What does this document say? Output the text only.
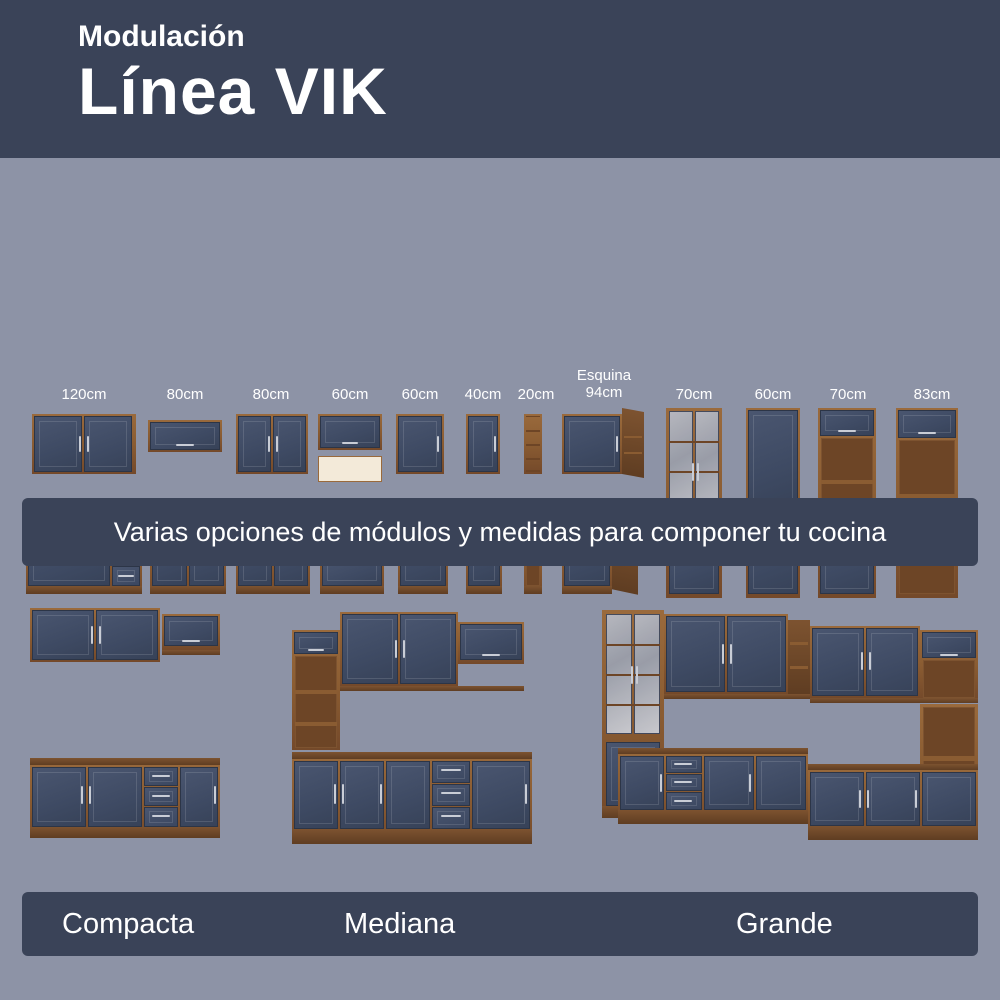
Modulación
Línea VIK
120cm	80cm	80cm	60cm	60cm	40cm	20cm
Esquina
94cm	70cm	60cm	70cm	83cm
Varias opciones de módulos y medidas para componer tu cocina
Compacta	Mediana	Grande
